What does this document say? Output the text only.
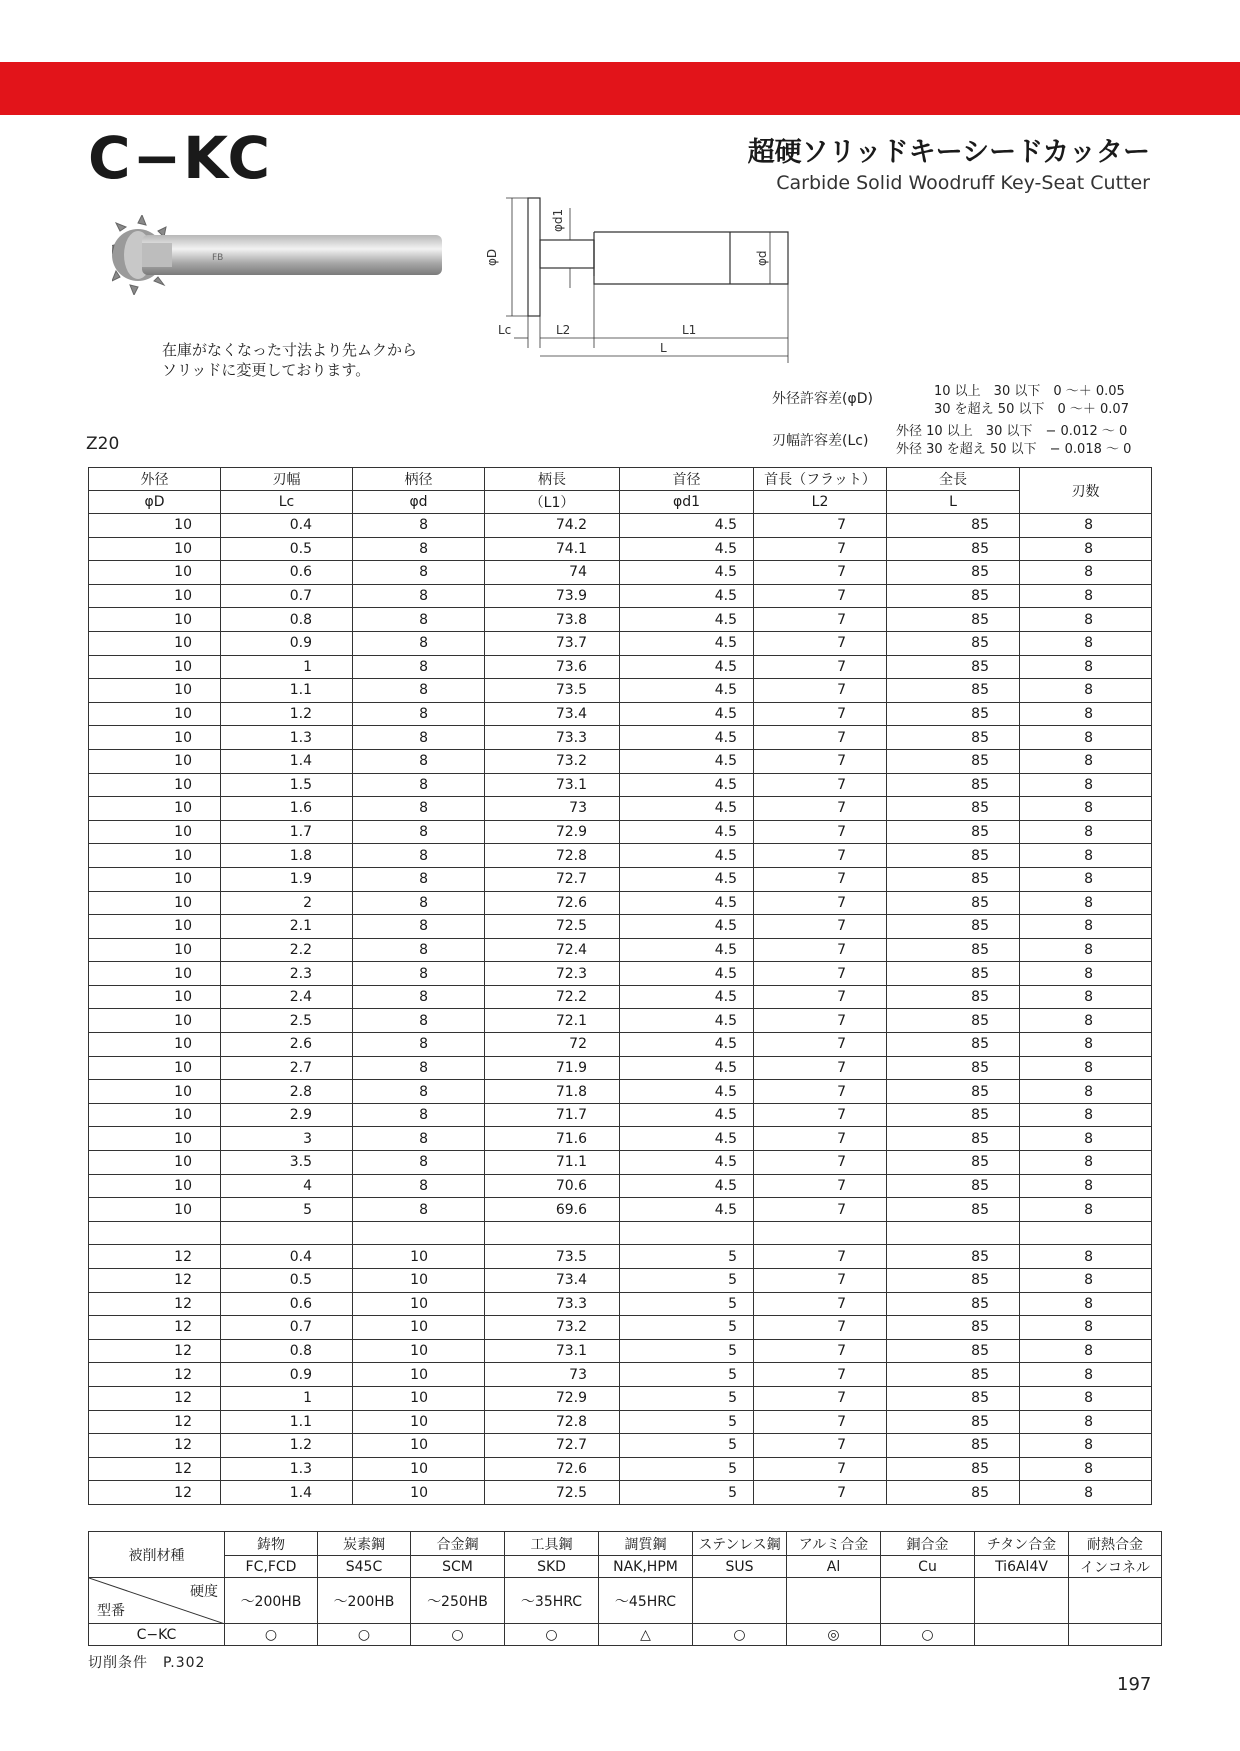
C−KC	超硬ソリッドキーシードカッター
Carbide Solid Woodruff Key-Seat Cutter
FB	φD
φd1
φd
Lc	L2	L1
L
在庫がなくなった寸法より先ムクから
ソリッドに変更しております。
外径許容差(φD)	10 以上　30 以下　0 〜＋ 0.05
30 を超え 50 以下　0 〜＋ 0.07
刃幅許容差(Lc)
外径 10 以上　30 以下　− 0.012 〜 0
外径 30 を超え 50 以下　− 0.018 〜 0
Z20
外径	刃幅	柄径	柄長	首径	首長（フラット）	全長	刃数
φD	Lc	φd	（L1）	φd1	L2	L	
10	0.4	8	74.2	4.5	7	85	8
10	0.5	8	74.1	4.5	7	85	8
10	0.6	8	74	4.5	7	85	8
10	0.7	8	73.9	4.5	7	85	8
10	0.8	8	73.8	4.5	7	85	8
10	0.9	8	73.7	4.5	7	85	8
10	1	8	73.6	4.5	7	85	8
10	1.1	8	73.5	4.5	7	85	8
10	1.2	8	73.4	4.5	7	85	8
10	1.3	8	73.3	4.5	7	85	8
10	1.4	8	73.2	4.5	7	85	8
10	1.5	8	73.1	4.5	7	85	8
10	1.6	8	73	4.5	7	85	8
10	1.7	8	72.9	4.5	7	85	8
10	1.8	8	72.8	4.5	7	85	8
10	1.9	8	72.7	4.5	7	85	8
10	2	8	72.6	4.5	7	85	8
10	2.1	8	72.5	4.5	7	85	8
10	2.2	8	72.4	4.5	7	85	8
10	2.3	8	72.3	4.5	7	85	8
10	2.4	8	72.2	4.5	7	85	8
10	2.5	8	72.1	4.5	7	85	8
10	2.6	8	72	4.5	7	85	8
10	2.7	8	71.9	4.5	7	85	8
10	2.8	8	71.8	4.5	7	85	8
10	2.9	8	71.7	4.5	7	85	8
10	3	8	71.6	4.5	7	85	8
10	3.5	8	71.1	4.5	7	85	8
10	4	8	70.6	4.5	7	85	8
10	5	8	69.6	4.5	7	85	8

12	0.4	10	73.5	5	7	85	8
12	0.5	10	73.4	5	7	85	8
12	0.6	10	73.3	5	7	85	8
12	0.7	10	73.2	5	7	85	8
12	0.8	10	73.1	5	7	85	8
12	0.9	10	73	5	7	85	8
12	1	10	72.9	5	7	85	8
12	1.1	10	72.8	5	7	85	8
12	1.2	10	72.7	5	7	85	8
12	1.3	10	72.6	5	7	85	8
12	1.4	10	72.5	5	7	85	8
被削材種	鋳物	炭素鋼	合金鋼	工具鋼	調質鋼	ステンレス鋼	アルミ合金	銅合金	チタン合金	耐熱合金
	FC,FCD	S45C	SCM	SKD	NAK,HPM	SUS	Al	Cu	Ti6Al4V	インコネル

硬度
型番	〜200HB	〜200HB	〜250HB	〜35HRC	〜45HRC					
C−KC	○	○	○	○	△	○	◎	○		
切削条件　P.302
197
